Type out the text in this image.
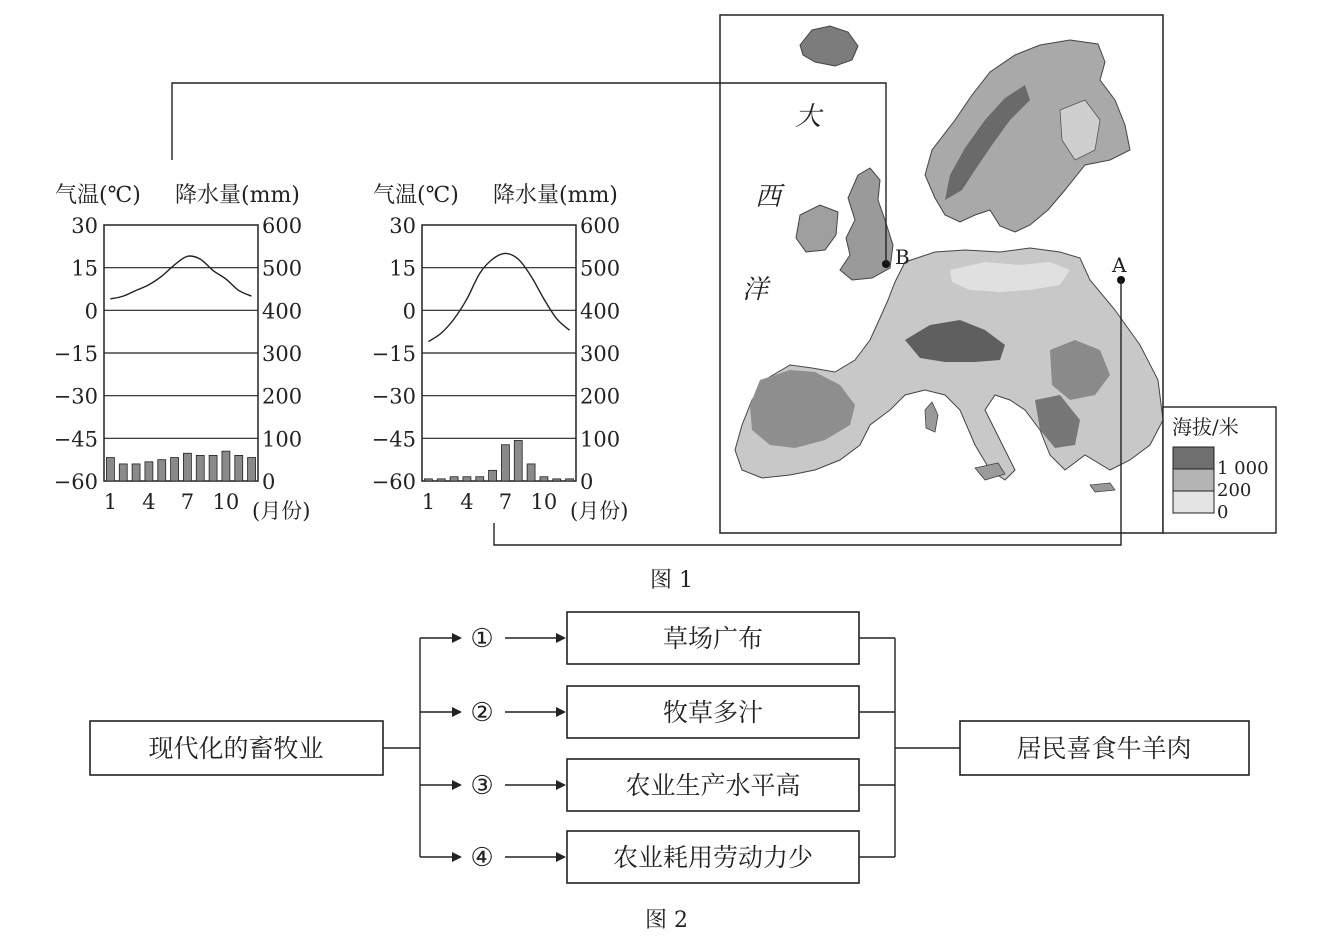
气温(℃) 降水量(mm)
30
15
0
−15
−30
−45
−60
600
500
400
300
200
100
0
1 4 7 10 (月份)
气温(℃) 降水量(mm)
30
15
0
−15
−30
−45
−60
600
500
400
300
200
100
0
1 4 7 10 (月份)
大
西
洋
B	A
海拔/米
1 000
200
0
图 1
现代化的畜牧业	居民喜食牛羊肉
①	草场广布
②	牧草多汁
③	农业生产水平高
④	农业耗用劳动力少
图 2
